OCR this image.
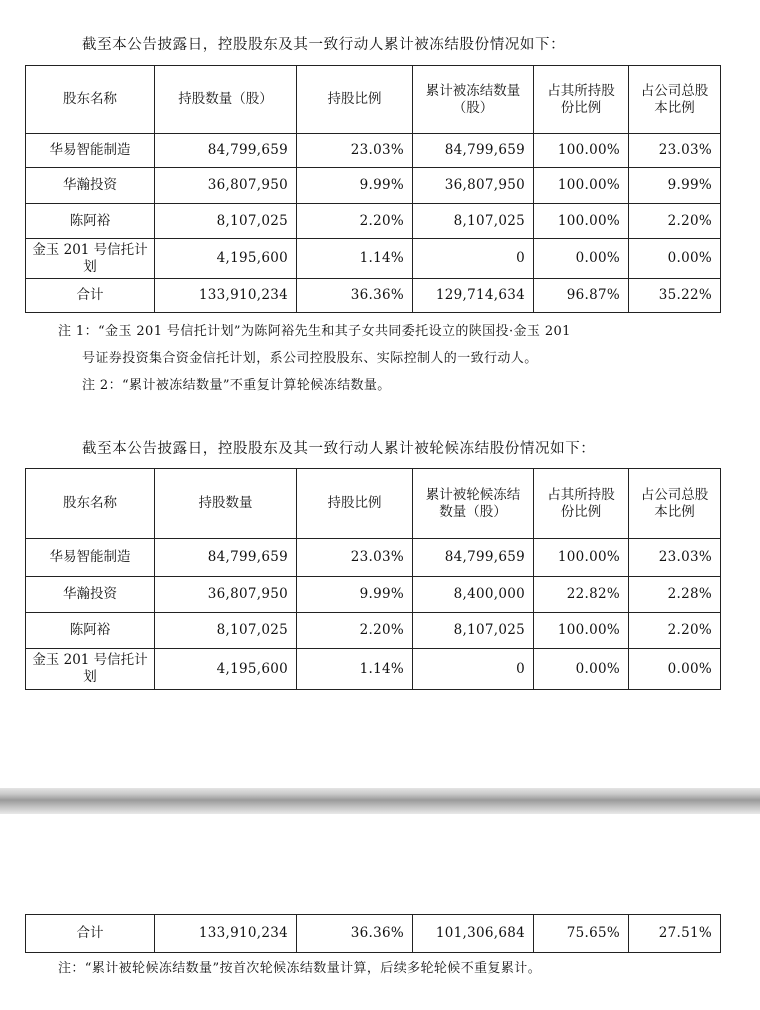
截至本公告披露日，控股股东及其一致行动人累计被冻结股份情况如下：
股东名称	持股数量（股）	持股比例	累计被冻结数量（股）	占其所持股份比例	占公司总股本比例
华易智能制造	84,799,659	23.03%	84,799,659	100.00%	23.03%
华瀚投资	36,807,950	9.99%	36,807,950	100.00%	9.99%
陈阿裕	8,107,025	2.20%	8,107,025	100.00%	2.20%
金玉 201 号信托计划	4,195,600	1.14%	0	0.00%	0.00%
合计	133,910,234	36.36%	129,714,634	96.87%	35.22%
注 1：“金玉 201 号信托计划”为陈阿裕先生和其子女共同委托设立的陕国投·金玉 201
号证券投资集合资金信托计划，系公司控股股东、实际控制人的一致行动人。
注 2：“累计被冻结数量”不重复计算轮候冻结数量。
截至本公告披露日，控股股东及其一致行动人累计被轮候冻结股份情况如下：
股东名称	持股数量	持股比例	累计被轮候冻结数量（股）	占其所持股份比例	占公司总股本比例
华易智能制造	84,799,659	23.03%	84,799,659	100.00%	23.03%
华瀚投资	36,807,950	9.99%	8,400,000	22.82%	2.28%
陈阿裕	8,107,025	2.20%	8,107,025	100.00%	2.20%
金玉 201 号信托计划	4,195,600	1.14%	0	0.00%	0.00%
合计	133,910,234	36.36%	101,306,684	75.65%	27.51%
注：“累计被轮候冻结数量”按首次轮候冻结数量计算，后续多轮轮候不重复累计。
